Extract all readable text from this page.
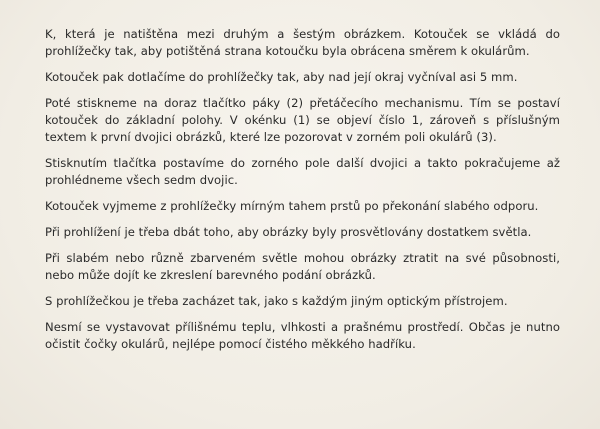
K, která je natištěna mezi druhým a šestým obrázkem. Kotouček se vkládá do prohlížečky tak, aby potištěná strana kotoučku byla obrácena směrem k okulárům.

Kotouček pak dotlačíme do prohlížečky tak, aby nad její okraj vyčníval asi 5 mm.

Poté stiskneme na doraz tlačítko páky (2) přetáčecího mechanismu. Tím se postaví kotouček do základní polohy. V okénku (1) se objeví číslo 1, zároveň s příslušným textem k první dvojici obrázků, které lze pozorovat v zorném poli okulárů (3).

Stisknutím tlačítka postavíme do zorného pole další dvojici a takto pokračujeme až prohlédneme všech sedm dvojic.

Kotouček vyjmeme z prohlížečky mírným tahem prstů po překonání slabého odporu.

Při prohlížení je třeba dbát toho, aby obrázky byly prosvětlovány dostatkem světla.

Při slabém nebo různě zbarveném světle mohou obrázky ztratit na své působnosti, nebo může dojít ke zkreslení barevného podání obrázků.

S prohlížečkou je třeba zacházet tak, jako s každým jiným optickým přístrojem.

Nesmí se vystavovat přílišnému teplu, vlhkosti a prašnému prostředí. Občas je nutno očistit čočky okulárů, nejlépe pomocí čistého měkkého hadříku.
